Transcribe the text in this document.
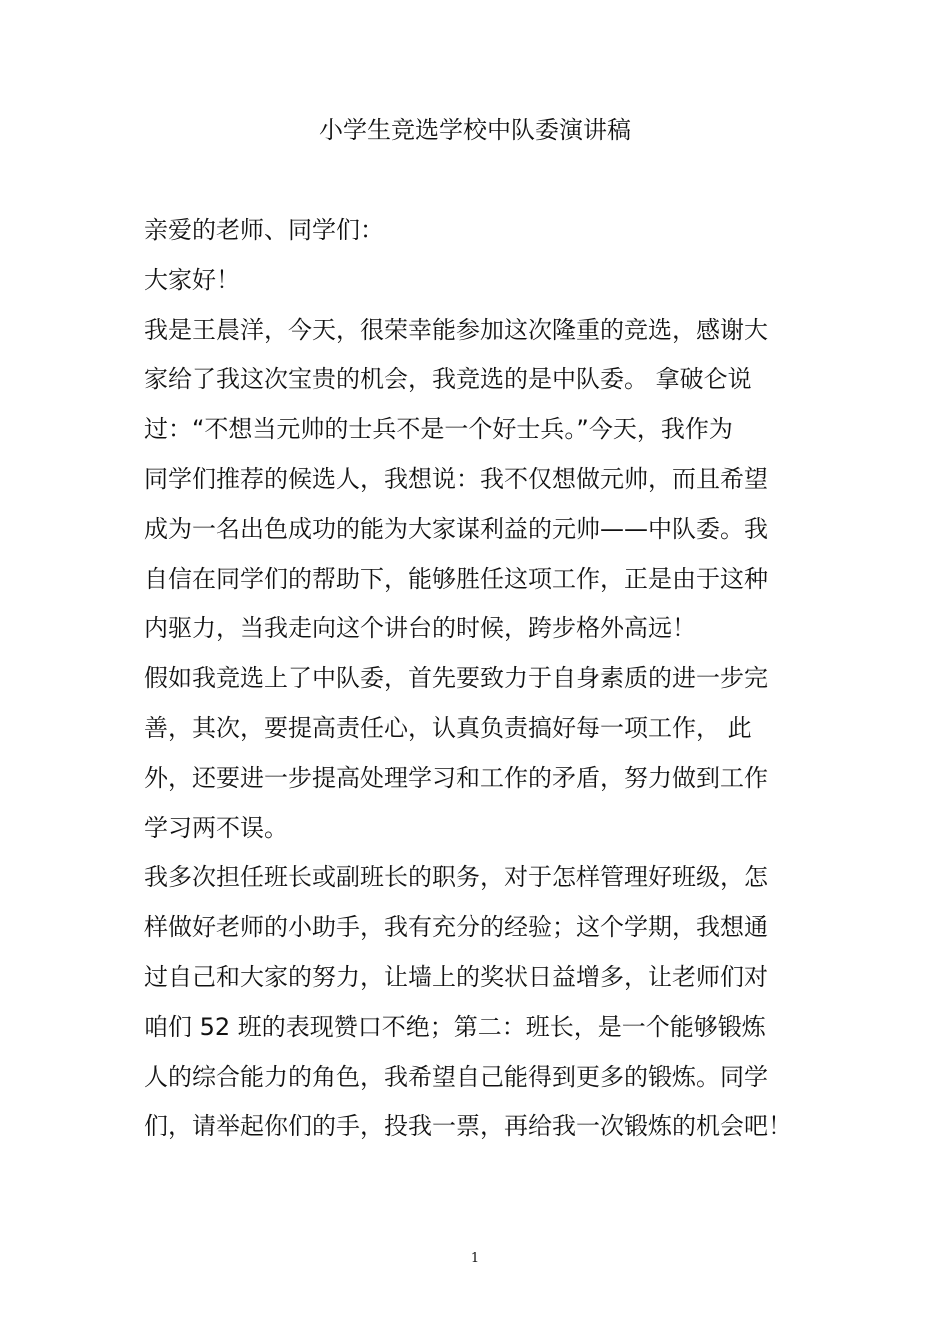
小学生竞选学校中队委演讲稿
亲爱的老师、同学们：
大家好！
我是王晨洋，今天，很荣幸能参加这次隆重的竞选，感谢大
家给了我这次宝贵的机会，我竞选的是中队委。 拿破仑说
过：“不想当元帅的士兵不是一个好士兵。”今天，我作为
同学们推荐的候选人，我想说：我不仅想做元帅，而且希望
成为一名出色成功的能为大家谋利益的元帅——中队委。我
自信在同学们的帮助下，能够胜任这项工作，正是由于这种
内驱力，当我走向这个讲台的时候，跨步格外高远！
假如我竞选上了中队委，首先要致力于自身素质的进一步完
善，其次，要提高责任心，认真负责搞好每一项工作， 此
外，还要进一步提高处理学习和工作的矛盾，努力做到工作
学习两不误。
我多次担任班长或副班长的职务，对于怎样管理好班级，怎
样做好老师的小助手，我有充分的经验；这个学期，我想通
过自己和大家的努力，让墙上的奖状日益增多，让老师们对
咱们 52 班的表现赞口不绝；第二：班长，是一个能够锻炼
人的综合能力的角色，我希望自己能得到更多的锻炼。同学
们，请举起你们的手，投我一票，再给我一次锻炼的机会吧！
1
